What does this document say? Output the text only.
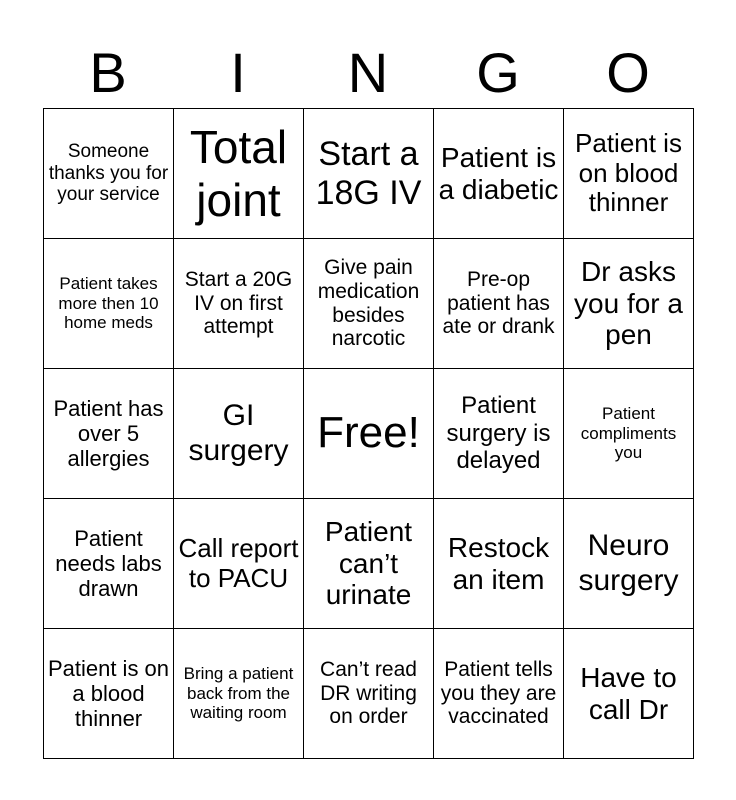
B	I	N	G	O
Someone thanks you for your service	Total joint	Start a 18G IV	Patient is a diabetic	Patient is on blood thinner
Patient takes more then 10 home meds	Start a 20G IV on first attempt	Give pain medication besides narcotic	Pre-op patient has ate or drank	Dr asks you for a pen
Patient has over 5 allergies	GI surgery	Free!	Patient surgery is delayed	Patient compliments you
Patient needs labs drawn	Call report to PACU	Patient can’t urinate	Restock an item	Neuro surgery
Patient is on a blood thinner	Bring a patient back from the waiting room	Can’t read DR writing on order	Patient tells you they are vaccinated	Have to call Dr
